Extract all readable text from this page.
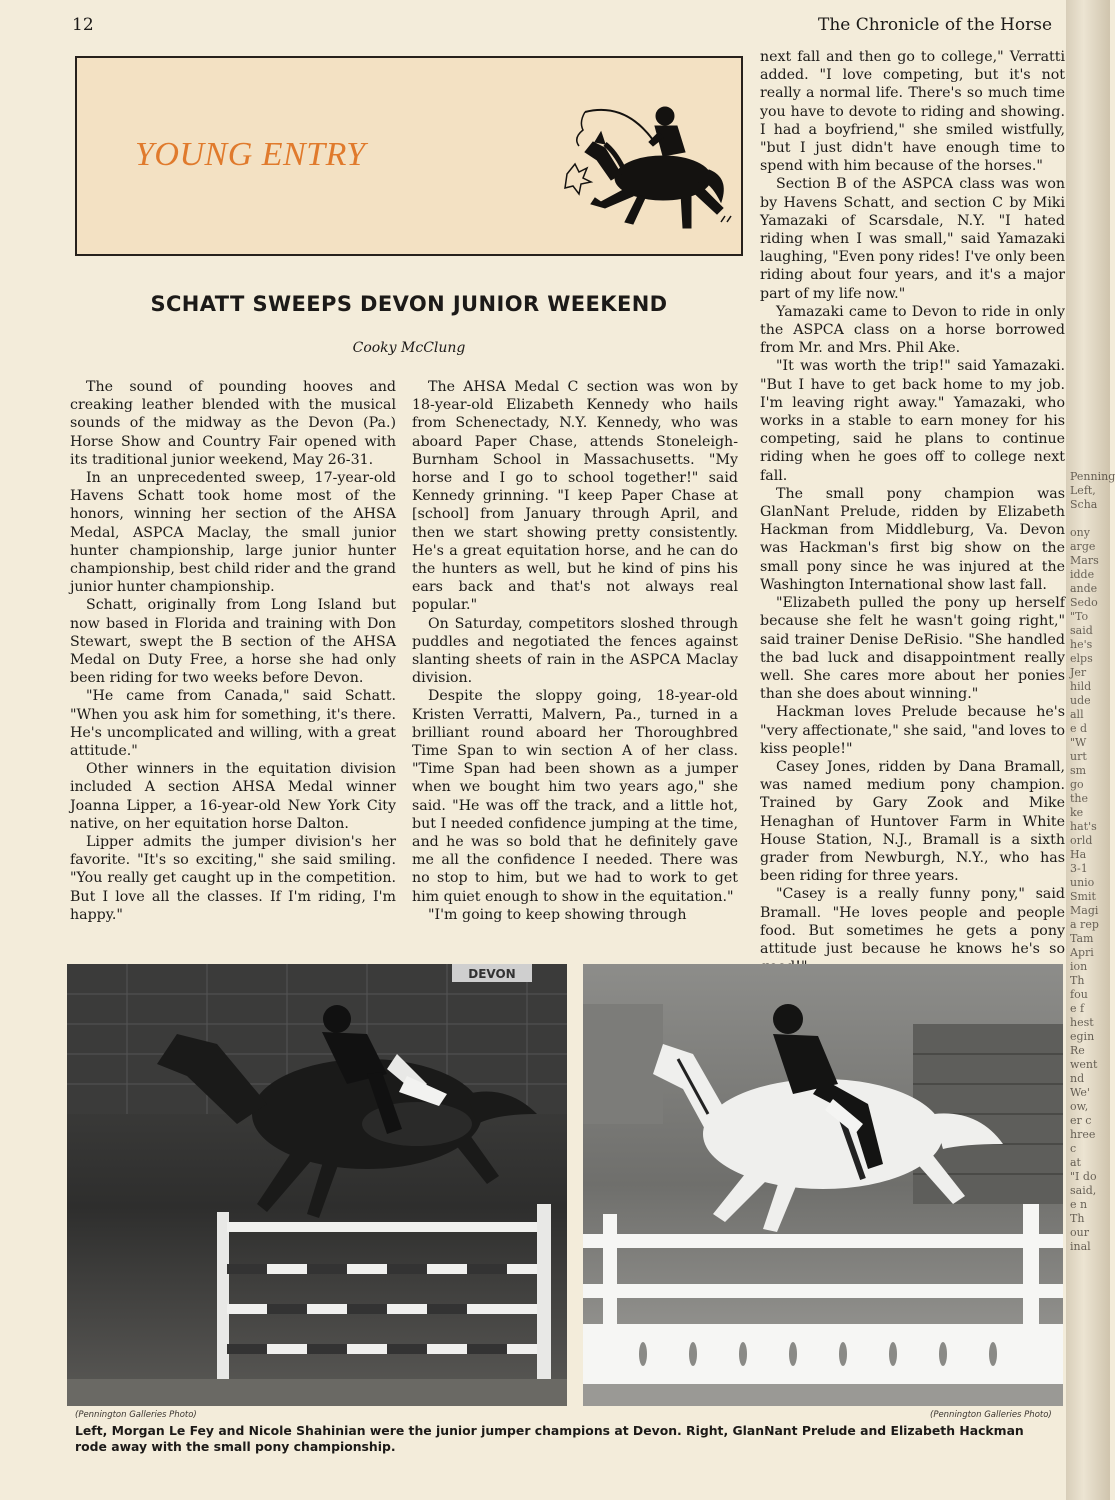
12	The Chronicle of the Horse
YOUNG ENTRY
SCHATT SWEEPS DEVON JUNIOR WEEKEND
Cooky McClung

The sound of pounding hooves and creaking leather blended with the musical sounds of the midway as the Devon (Pa.) Horse Show and Country Fair opened with its traditional junior weekend, May 26-31.

In an unprecedented sweep, 17-year-old Havens Schatt took home most of the honors, winning her section of the AHSA Medal, ASPCA Maclay, the small junior hunter championship, large junior hunter championship, best child rider and the grand junior hunter championship.

Schatt, originally from Long Island but now based in Florida and training with Don Stewart, swept the B section of the AHSA Medal on Duty Free, a horse she had only been riding for two weeks before Devon.

"He came from Canada," said Schatt. "When you ask him for something, it's there. He's uncomplicated and willing, with a great attitude."

Other winners in the equitation division included A section AHSA Medal winner Joanna Lipper, a 16-year-old New York City native, on her equitation horse Dalton.

Lipper admits the jumper division's her favorite. "It's so exciting," she said smiling. "You really get caught up in the competition. But I love all the classes. If I'm riding, I'm happy."

The AHSA Medal C section was won by 18-year-old Elizabeth Kennedy who hails from Schenectady, N.Y. Kennedy, who was aboard Paper Chase, attends Stoneleigh-Burnham School in Massachusetts. "My horse and I go to school together!" said Kennedy grinning. "I keep Paper Chase at [school] from January through April, and then we start showing pretty consistently. He's a great equitation horse, and he can do the hunters as well, but he kind of pins his ears back and that's not always real popular."

On Saturday, competitors sloshed through puddles and negotiated the fences against slanting sheets of rain in the ASPCA Maclay division.

Despite the sloppy going, 18-year-old Kristen Verratti, Malvern, Pa., turned in a brilliant round aboard her Thoroughbred Time Span to win section A of her class. "Time Span had been shown as a jumper when we bought him two years ago," she said. "He was off the track, and a little hot, but I needed confidence jumping at the time, and he was so bold that he definitely gave me all the confidence I needed. There was no stop to him, but we had to work to get him quiet enough to show in the equitation."

"I'm going to keep showing through

next fall and then go to college," Verratti added. "I love competing, but it's not really a normal life. There's so much time you have to devote to riding and showing. I had a boyfriend," she smiled wistfully, "but I just didn't have enough time to spend with him because of the horses."

Section B of the ASPCA class was won by Havens Schatt, and section C by Miki Yamazaki of Scarsdale, N.Y. "I hated riding when I was small," said Yamazaki laughing, "Even pony rides! I've only been riding about four years, and it's a major part of my life now."

Yamazaki came to Devon to ride in only the ASPCA class on a horse borrowed from Mr. and Mrs. Phil Ake.

"It was worth the trip!" said Yamazaki. "But I have to get back home to my job. I'm leaving right away." Yamazaki, who works in a stable to earn money for his competing, said he plans to continue riding when he goes off to college next fall.

The small pony champion was GlanNant Prelude, ridden by Elizabeth Hackman from Middleburg, Va. Devon was Hackman's first big show on the small pony since he was injured at the Washington International show last fall.

"Elizabeth pulled the pony up herself because she felt he wasn't going right," said trainer Denise DeRisio. "She handled the bad luck and disappointment really well. She cares more about her ponies than she does about winning."

Hackman loves Prelude because he's "very affectionate," she said, "and loves to kiss people!"

Casey Jones, ridden by Dana Bramall, was named medium pony champion. Trained by Gary Zook and Mike Henaghan of Huntover Farm in White House Station, N.J., Bramall is a sixth grader from Newburgh, N.Y., who has been riding for three years.

"Casey is a really funny pony," said Bramall. "He loves people and people food. But sometimes he gets a pony attitude just because he knows he's so

DEVON
(Pennington Galleries Photo)	(Pennington Galleries Photo)

Left, Morgan Le Fey and Nicole Shahinian were the junior jumper champions at Devon. Right, GlanNant Prelude and Elizabeth Hackman rode away with the small pony championship.

Penning
Left,
Scha

ony
arge
Mars
idde
ande
Sedo
"To
said
he's
elps
Jer
hild
ude
all
e d
"W
urt
sm
go
the
ke
hat's
orld
Ha
3-1
unio
Smit
Magi
a rep
Tam
Apri
ion
Th
fou
e f
hest
egin
Re
went
nd
We'
ow,
er c
hree
c
at
"I do
said,
e n
Th
our
inal
